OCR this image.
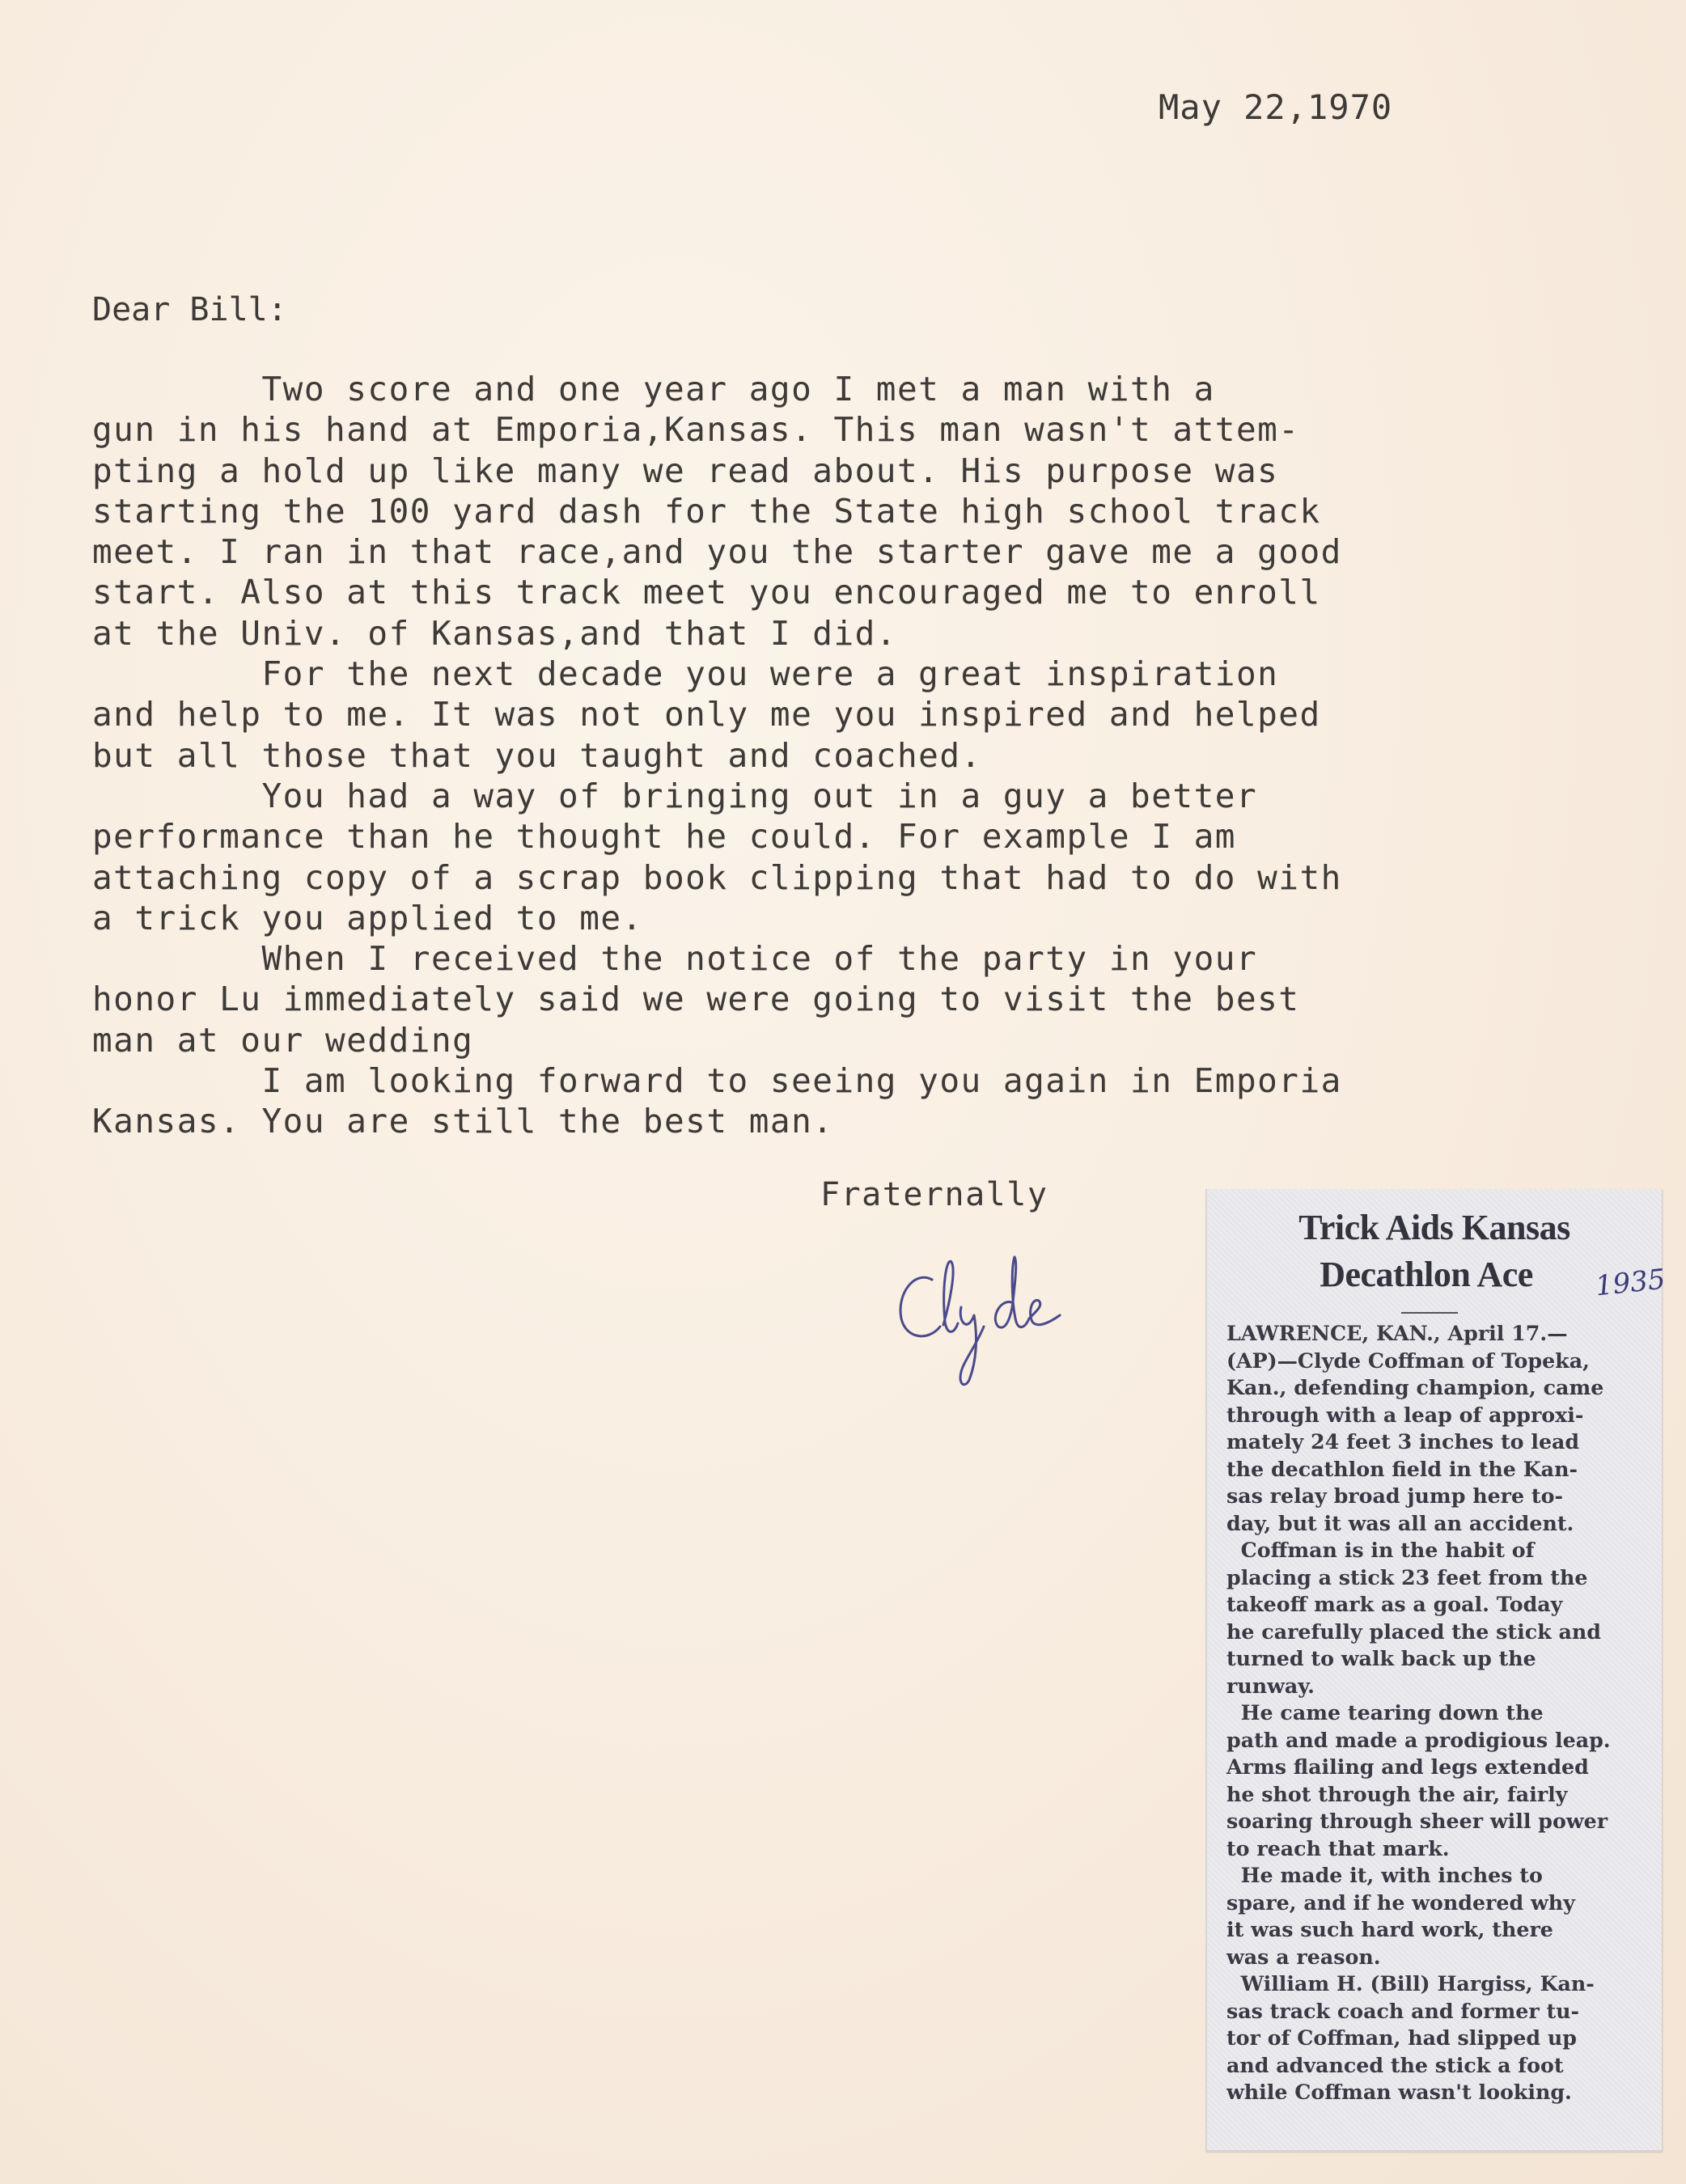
May 22,1970
Dear Bill:
Two score and one year ago I met a man with a
gun in his hand at Emporia,Kansas. This man wasn't attem-
pting a hold up like many we read about. His purpose was
starting the 100 yard dash for the State high school track
meet. I ran in that race,and you the starter gave me a good
start. Also at this track meet you encouraged me to enroll
at the Univ. of Kansas,and that I did.
For the next decade you were a great inspiration
and help to me. It was not only me you inspired and helped
but all those that you taught and coached.
You had a way of bringing out in a guy a better
performance than he thought he could. For example I am
attaching copy of a scrap book clipping that had to do with
a trick you applied to me.
When I received the notice of the party in your
honor Lu immediately said we were going to visit the best
man at our wedding
I am looking forward to seeing you again in Emporia
Kansas. You are still the best man.
Fraternally
Trick Aids Kansas
Decathlon Ace	1935
LAWRENCE, KAN., April 17.—
(AP)—Clyde Coffman of Topeka,
Kan., defending champion, came
through with a leap of approxi-
mately 24 feet 3 inches to lead
the decathlon field in the Kan-
sas relay broad jump here to-
day, but it was all an accident.
Coffman is in the habit of
placing a stick 23 feet from the
takeoff mark as a goal. Today
he carefully placed the stick and
turned to walk back up the
runway.
He came tearing down the
path and made a prodigious leap.
Arms flailing and legs extended
he shot through the air, fairly
soaring through sheer will power
to reach that mark.
He made it, with inches to
spare, and if he wondered why
it was such hard work, there
was a reason.
William H. (Bill) Hargiss, Kan-
sas track coach and former tu-
tor of Coffman, had slipped up
and advanced the stick a foot
while Coffman wasn't looking.
